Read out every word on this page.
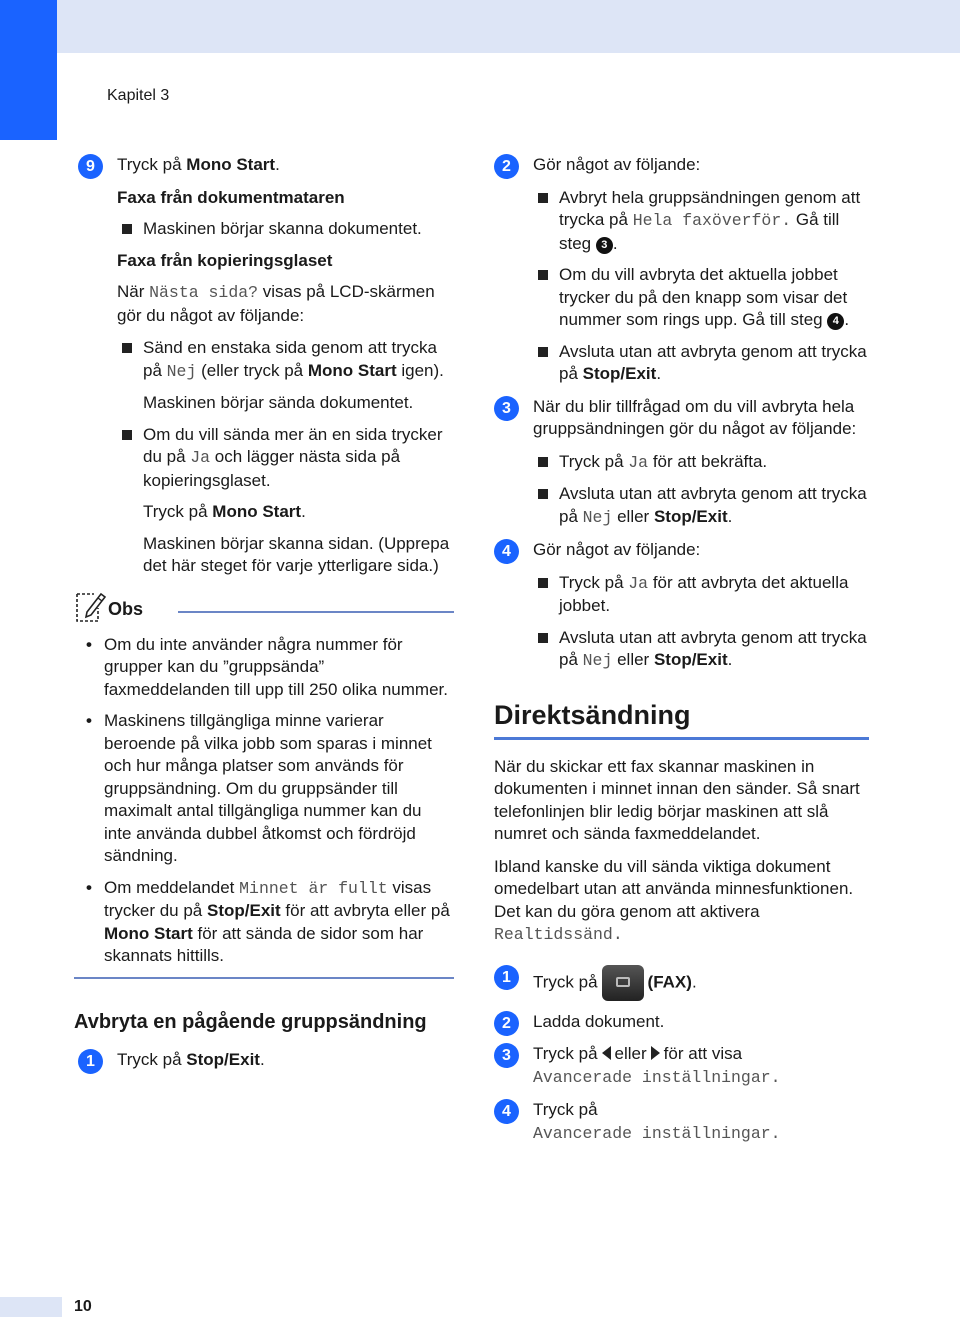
Kapitel 3
9	Tryck på Mono Start.
Faxa från dokumentmataren
Maskinen börjar skanna dokumentet.
Faxa från kopieringsglaset
När Nästa sida? visas på LCD-skärmen gör du något av följande:
Sänd en enstaka sida genom att trycka på Nej (eller tryck på Mono Start igen).
Maskinen börjar sända dokumentet.
Om du vill sända mer än en sida trycker du på Ja och lägger nästa sida på kopieringsglaset.
Tryck på Mono Start.
Maskinen börjar skanna sidan. (Upprepa det här steget för varje ytterligare sida.)
Obs
• Om du inte använder några nummer för grupper kan du ”gruppsända” faxmeddelanden till upp till 250 olika nummer.
• Maskinens tillgängliga minne varierar beroende på vilka jobb som sparas i minnet och hur många platser som används för gruppsändning. Om du gruppsänder till maximalt antal tillgängliga nummer kan du inte använda dubbel åtkomst och fördröjd sändning.
• Om meddelandet Minnet är fullt visas trycker du på Stop/Exit för att avbryta eller på Mono Start för att sända de sidor som har skannats hittills.
Avbryta en pågående gruppsändning
1	Tryck på Stop/Exit.
2	Gör något av följande:
Avbryt hela gruppsändningen genom att trycka på Hela faxöverför. Gå till steg 3 .
Om du vill avbryta det aktuella jobbet trycker du på den knapp som visar det nummer som rings upp. Gå till steg 4 .
Avsluta utan att avbryta genom att trycka på Stop/Exit.
3	När du blir tillfrågad om du vill avbryta hela gruppsändningen gör du något av följande:
Tryck på Ja för att bekräfta.
Avsluta utan att avbryta genom att trycka på Nej eller Stop/Exit.
4	Gör något av följande:
Tryck på Ja för att avbryta det aktuella jobbet.
Avsluta utan att avbryta genom att trycka på Nej eller Stop/Exit.
Direktsändning
När du skickar ett fax skannar maskinen in dokumenten i minnet innan den sänder. Så snart telefonlinjen blir ledig börjar maskinen att slå numret och sända faxmeddelandet.
Ibland kanske du vill sända viktiga dokument omedelbart utan att använda minnesfunktionen. Det kan du göra genom att aktivera Realtidssänd.
1	Tryck på	(FAX).
2	Ladda dokument.
3	Tryck på eller för att visa
Avancerade inställningar.
4	Tryck på
Avancerade inställningar.
10
